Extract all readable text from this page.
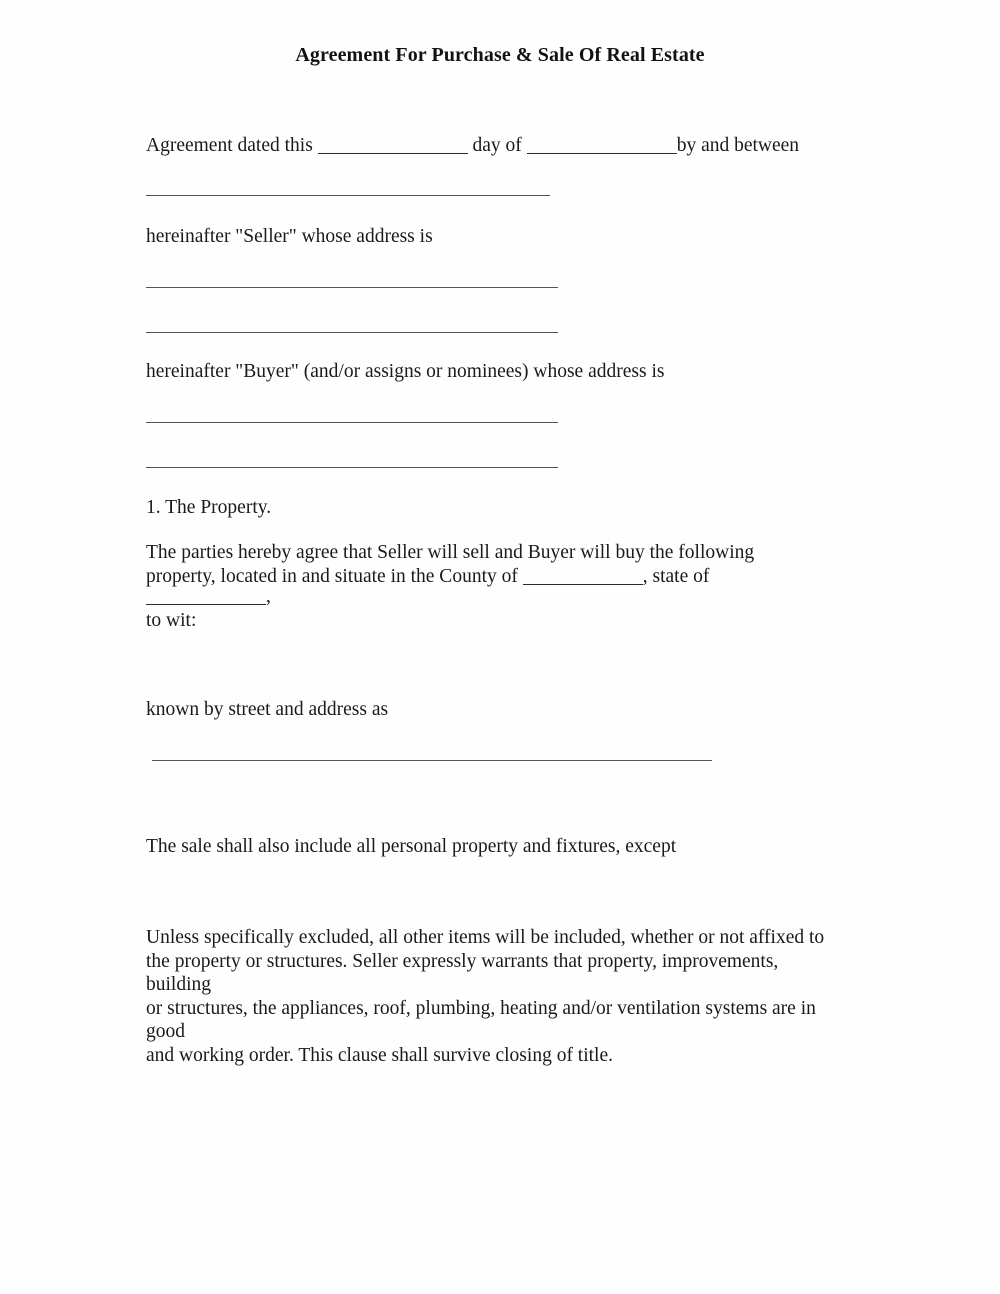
Agreement For Purchase & Sale Of Real Estate
Agreement dated this	day of	by and between
hereinafter "Seller" whose address is
hereinafter "Buyer" (and/or assigns or nominees) whose address is
1. The Property.
The parties hereby agree that Seller will sell and Buyer will buy the following
property, located in and situate in the County of	, state of
,
to wit:
known by street and address as
The sale shall also include all personal property and fixtures, except
Unless specifically excluded, all other items will be included, whether or not affixed to
the property or structures. Seller expressly warrants that property, improvements,
building
or structures, the appliances, roof, plumbing, heating and/or ventilation systems are in
good
and working order. This clause shall survive closing of title.
